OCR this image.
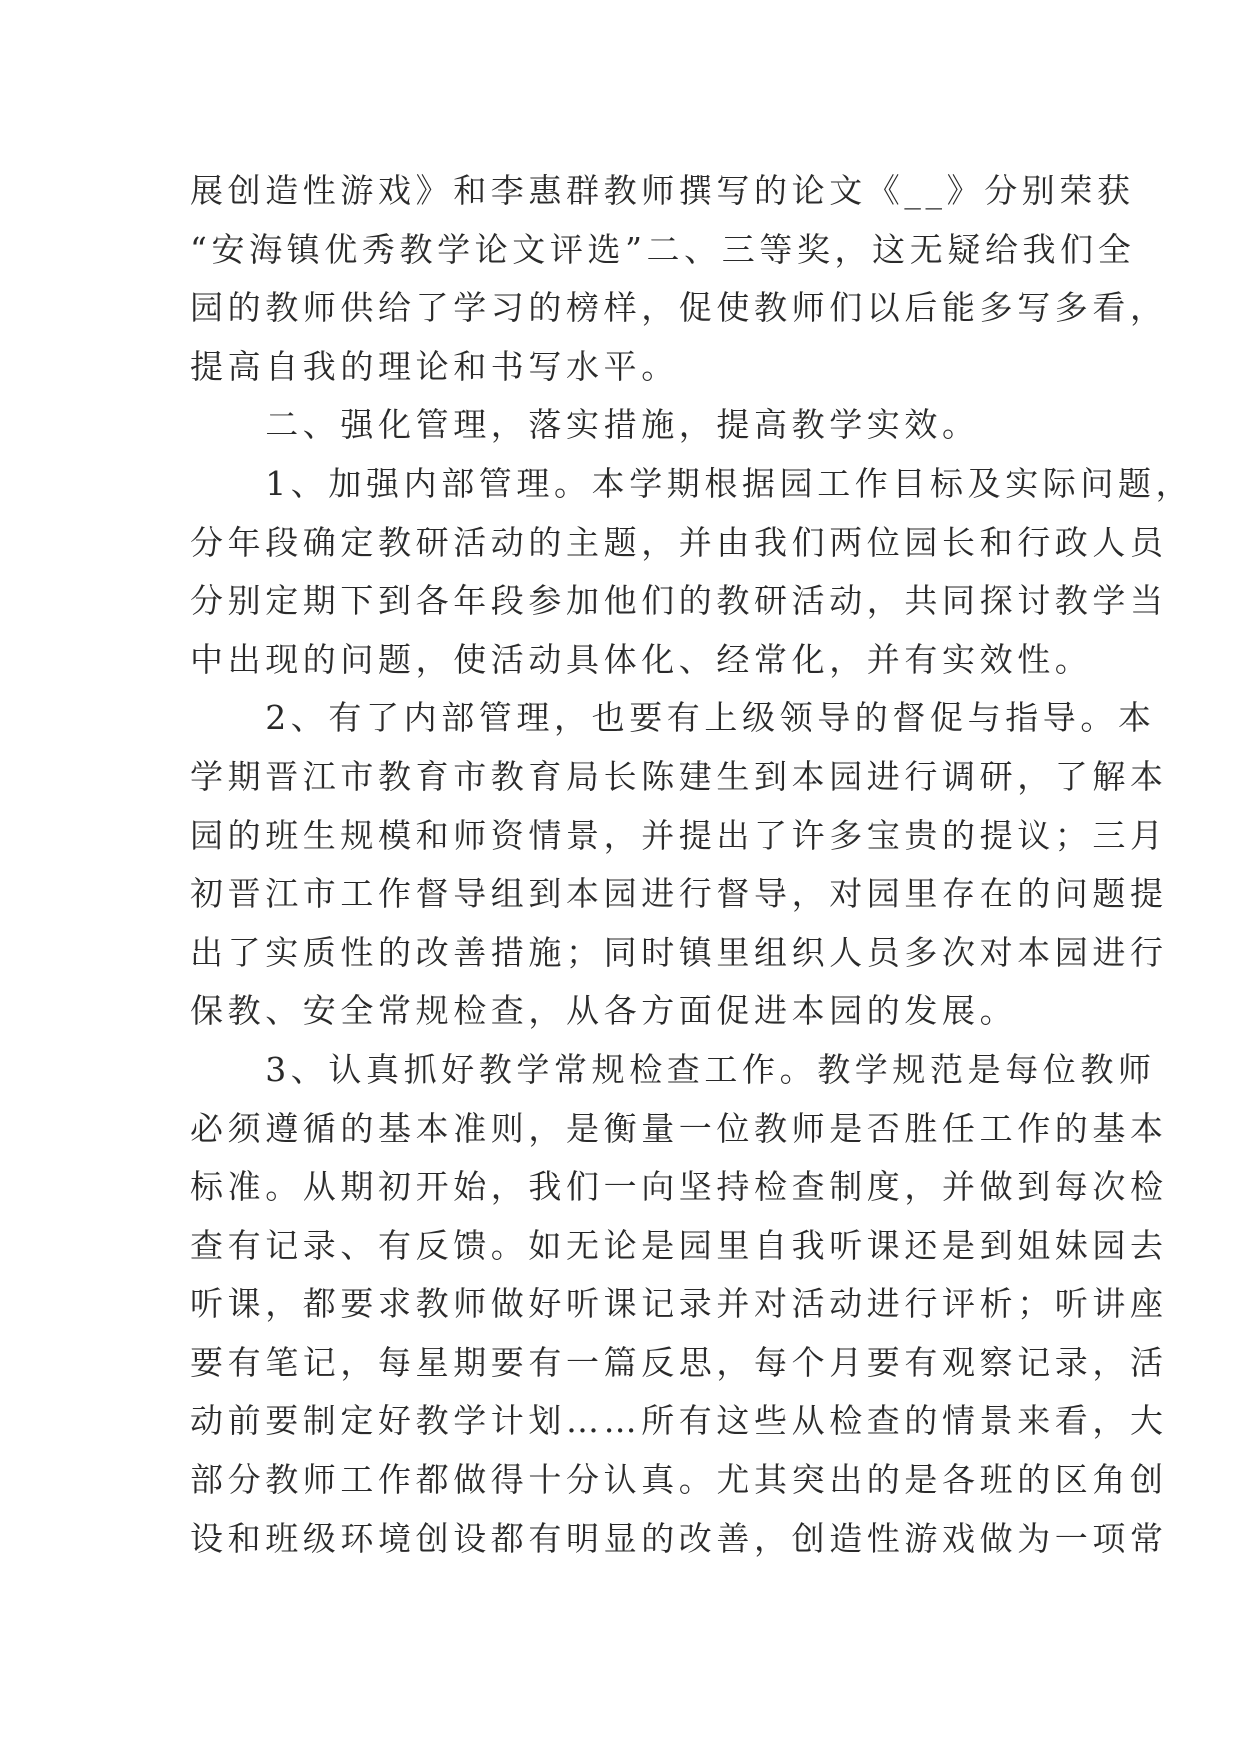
展创造性游戏》和李惠群教师撰写的论文《__》分别荣获
“安海镇优秀教学论文评选”二、三等奖，这无疑给我们全
园的教师供给了学习的榜样，促使教师们以后能多写多看，
提高自我的理论和书写水平。
　　二、强化管理，落实措施，提高教学实效。
　　1、加强内部管理。本学期根据园工作目标及实际问题，
分年段确定教研活动的主题，并由我们两位园长和行政人员
分别定期下到各年段参加他们的教研活动，共同探讨教学当
中出现的问题，使活动具体化、经常化，并有实效性。
　　2、有了内部管理，也要有上级领导的督促与指导。本
学期晋江市教育市教育局长陈建生到本园进行调研，了解本
园的班生规模和师资情景，并提出了许多宝贵的提议；三月
初晋江市工作督导组到本园进行督导，对园里存在的问题提
出了实质性的改善措施；同时镇里组织人员多次对本园进行
保教、安全常规检查，从各方面促进本园的发展。
　　3、认真抓好教学常规检查工作。教学规范是每位教师
必须遵循的基本准则，是衡量一位教师是否胜任工作的基本
标准。从期初开始，我们一向坚持检查制度，并做到每次检
查有记录、有反馈。如无论是园里自我听课还是到姐妹园去
听课，都要求教师做好听课记录并对活动进行评析；听讲座
要有笔记，每星期要有一篇反思，每个月要有观察记录，活
动前要制定好教学计划……所有这些从检查的情景来看，大
部分教师工作都做得十分认真。尤其突出的是各班的区角创
设和班级环境创设都有明显的改善，创造性游戏做为一项常
